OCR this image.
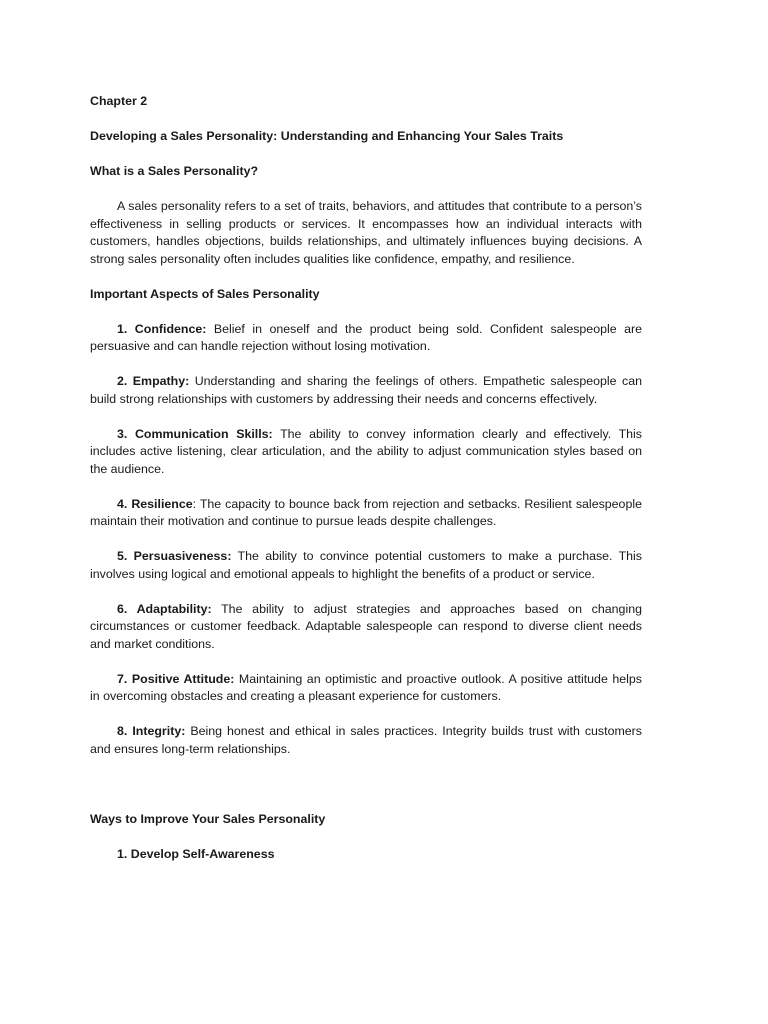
Chapter 2

Developing a Sales Personality: Understanding and Enhancing Your Sales Traits

What is a Sales Personality?

A sales personality refers to a set of traits, behaviors, and attitudes that contribute to a person’s effectiveness in selling products or services. It encompasses how an individual interacts with customers, handles objections, builds relationships, and ultimately influences buying decisions. A strong sales personality often includes qualities like confidence, empathy, and resilience.

Important Aspects of Sales Personality

1. Confidence: Belief in oneself and the product being sold. Confident salespeople are persuasive and can handle rejection without losing motivation.

2. Empathy: Understanding and sharing the feelings of others. Empathetic salespeople can build strong relationships with customers by addressing their needs and concerns effectively.

3. Communication Skills: The ability to convey information clearly and effectively. This includes active listening, clear articulation, and the ability to adjust communication styles based on the audience.

4. Resilience: The capacity to bounce back from rejection and setbacks. Resilient salespeople maintain their motivation and continue to pursue leads despite challenges.

5. Persuasiveness: The ability to convince potential customers to make a purchase. This involves using logical and emotional appeals to highlight the benefits of a product or service.

6. Adaptability: The ability to adjust strategies and approaches based on changing circumstances or customer feedback. Adaptable salespeople can respond to diverse client needs and market conditions.

7. Positive Attitude: Maintaining an optimistic and proactive outlook. A positive attitude helps in overcoming obstacles and creating a pleasant experience for customers.

8. Integrity: Being honest and ethical in sales practices. Integrity builds trust with customers and ensures long-term relationships.

Ways to Improve Your Sales Personality

1. Develop Self-Awareness
